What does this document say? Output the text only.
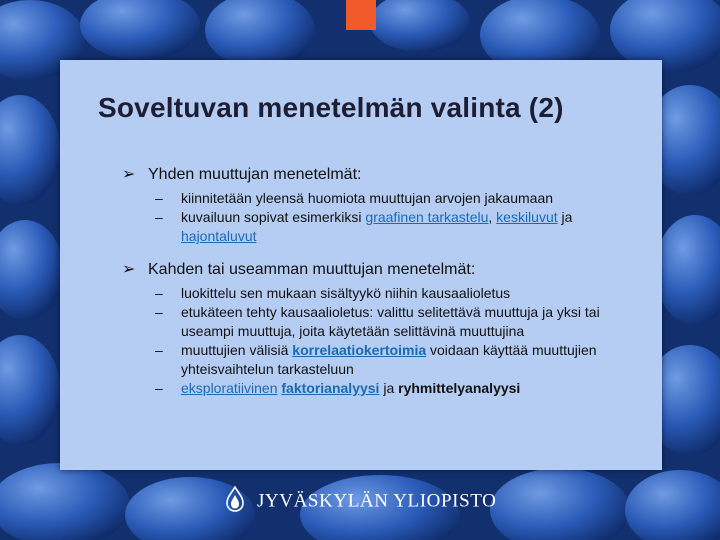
Soveltuvan menetelmän valinta (2)
➢ Yhden muuttujan menetelmät:
– kiinnitetään yleensä huomiota muuttujan arvojen jakaumaan
– kuvailuun sopivat esimerkiksi graafinen tarkastelu, keskiluvut ja hajontaluvut
➢ Kahden tai useamman muuttujan menetelmät:
– luokittelu sen mukaan sisältyykö niihin kausaalioletus
– etukäteen tehty kausaalioletus: valittu selitettävä muuttuja ja yksi tai useampi muuttuja, joita käytetään selittävinä muuttujina
– muuttujien välisiä korrelaatiokertoimia voidaan käyttää muuttujien yhteisvaihtelun tarkasteluun
– eksploratiivinen faktorianalyysi ja ryhmittelyanalyysi
JYVÄSKYLÄN YLIOPISTO
